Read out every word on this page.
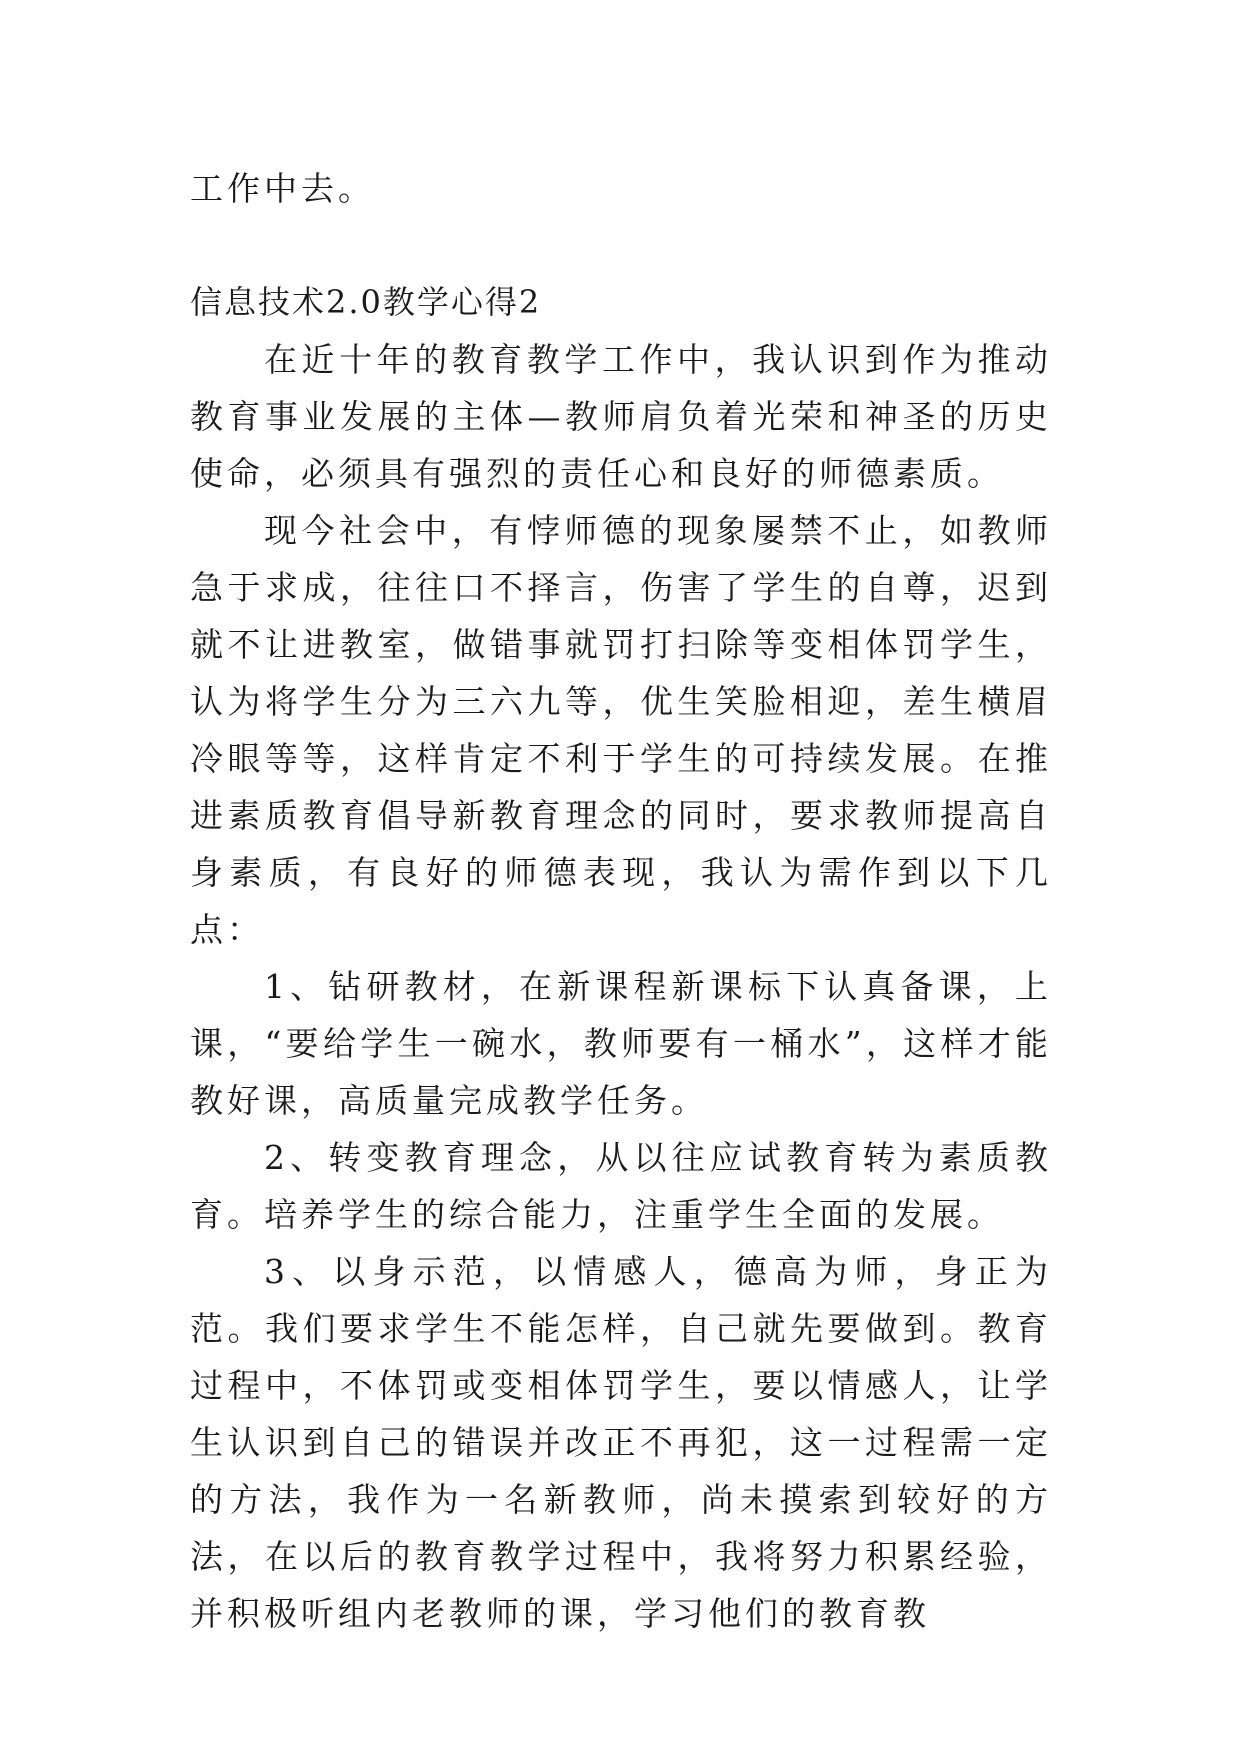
工作中去。

信息技术2.0教学心得2

在近十年的教育教学工作中，我认识到作为推动教育事业发展的主体—教师肩负着光荣和神圣的历史使命，必须具有强烈的责任心和良好的师德素质。

现今社会中，有悖师德的现象屡禁不止，如教师急于求成，往往口不择言，伤害了学生的自尊，迟到就不让进教室，做错事就罚打扫除等变相体罚学生，认为将学生分为三六九等，优生笑脸相迎，差生横眉冷眼等等，这样肯定不利于学生的可持续发展。在推进素质教育倡导新教育理念的同时，要求教师提高自身素质，有良好的师德表现，我认为需作到以下几点：

1、钻研教材，在新课程新课标下认真备课，上课，“要给学生一碗水，教师要有一桶水”，这样才能教好课，高质量完成教学任务。

2、转变教育理念，从以往应试教育转为素质教育。培养学生的综合能力，注重学生全面的发展。

3、以身示范，以情感人，德高为师，身正为范。我们要求学生不能怎样，自己就先要做到。教育过程中，不体罚或变相体罚学生，要以情感人，让学生认识到自己的错误并改正不再犯，这一过程需一定的方法，我作为一名新教师，尚未摸索到较好的方法，在以后的教育教学过程中，我将努力积累经验，并积极听组内老教师的课，学习他们的教育教
